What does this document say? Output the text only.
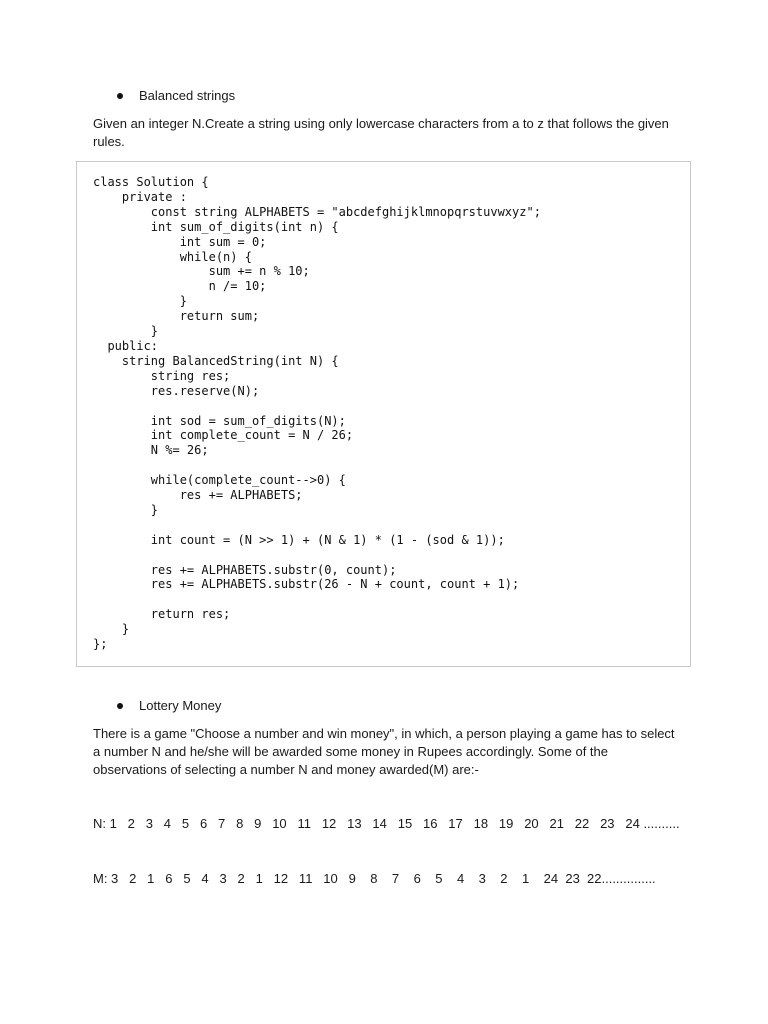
Balanced strings

Given an integer N.Create a string using only lowercase characters from a to z that follows the given
rules.

class Solution {
private :
const string ALPHABETS = "abcdefghijklmnopqrstuvwxyz";
int sum_of_digits(int n) {
int sum = 0;
while(n) {
sum += n % 10;
n /= 10;
}
return sum;
}
public:
string BalancedString(int N) {
string res;
res.reserve(N);

int sod = sum_of_digits(N);
int complete_count = N / 26;
N %= 26;

while(complete_count-->0) {
res += ALPHABETS;
}

int count = (N >> 1) + (N & 1) * (1 - (sod & 1));

res += ALPHABETS.substr(0, count);
res += ALPHABETS.substr(26 - N + count, count + 1);

return res;
}
};
Lottery Money

There is a game "Choose a number and win money", in which, a person playing a game has to select
a number N and he/she will be awarded some money in Rupees accordingly. Some of the
observations of selecting a number N and money awarded(M) are:-

N: 1   2   3   4   5   6   7   8   9   10   11   12   13   14   15   16   17   18   19   20   21   22   23   24 ..........
M: 3   2   1   6   5   4   3   2   1   12   11   10   9    8    7    6    5    4    3    2    1    24  23  22...............
